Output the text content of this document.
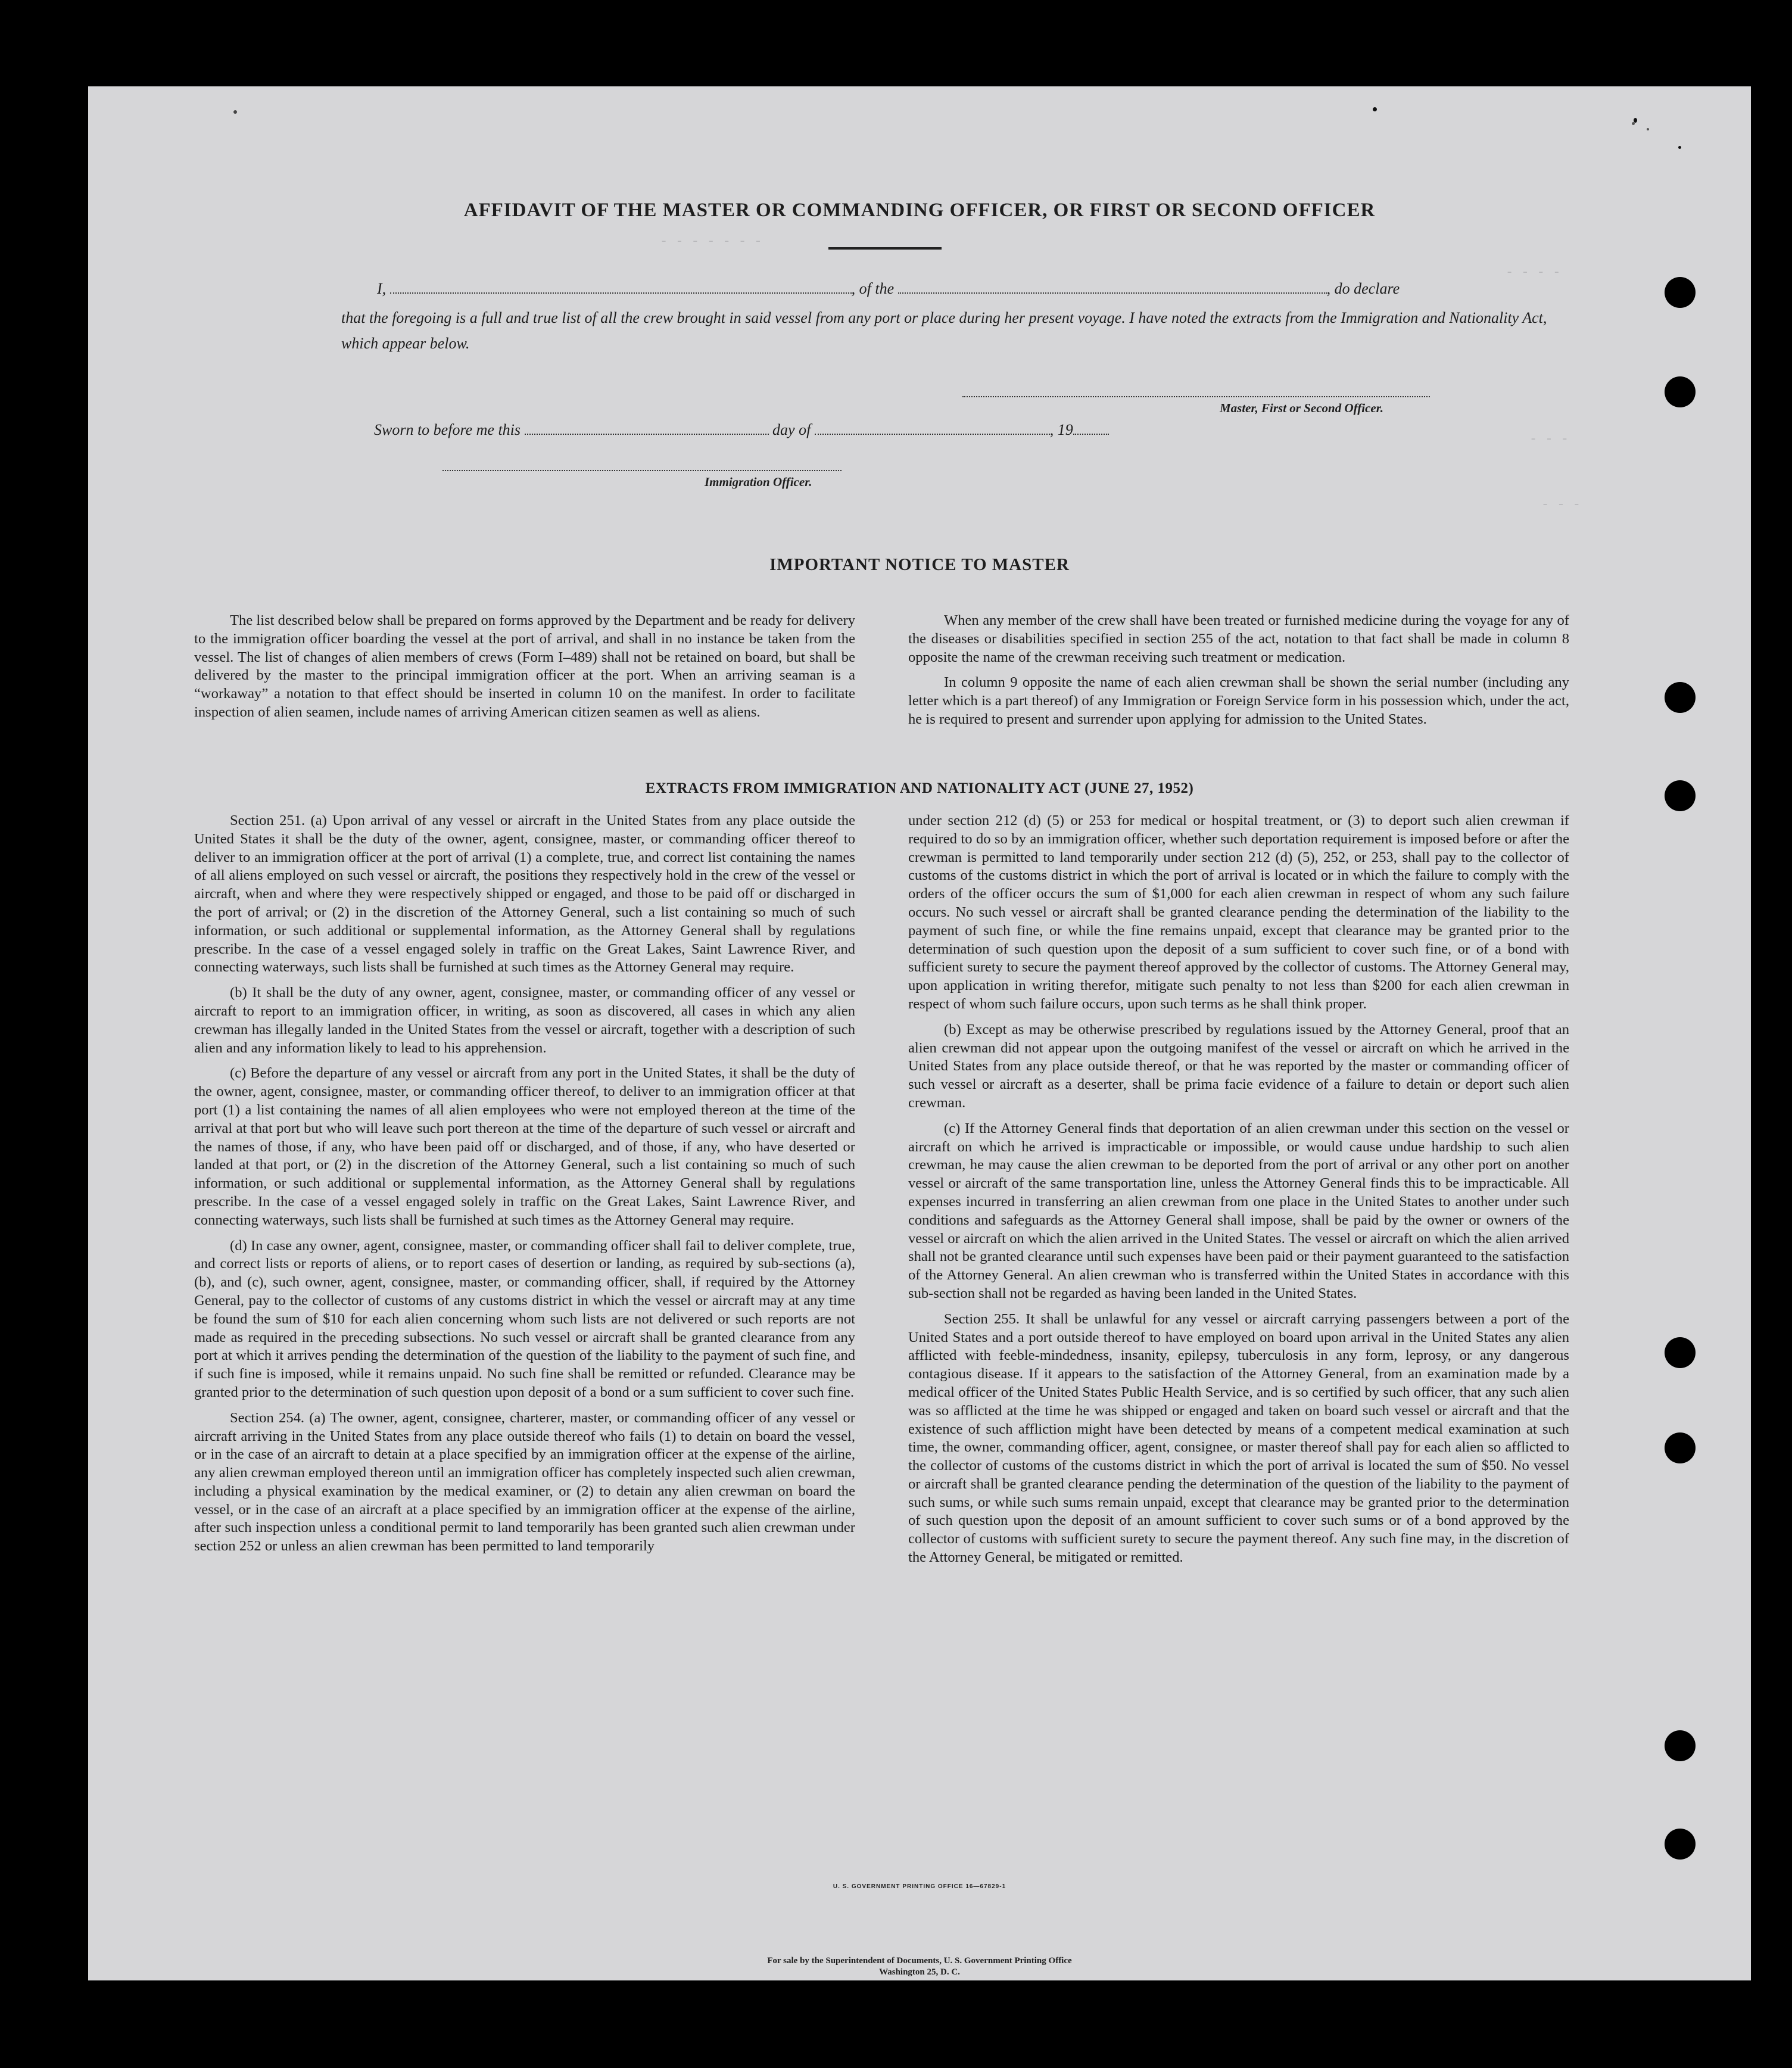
- - - -
- - -
- - -
- - - - - - -
AFFIDAVIT OF THE MASTER OR COMMANDING OFFICER, OR FIRST OR SECOND OFFICER
I,	, of the	, do declare
that the foregoing is a full and true list of all the crew brought in said vessel from any port or place during her present voyage. I have noted the extracts from the Immigration and Nationality Act, which appear below.
Master, First or Second Officer.
Sworn to before me this	day of	, 19
Immigration Officer.
IMPORTANT NOTICE TO MASTER

The list described below shall be prepared on forms approved by the Department and be ready for delivery to the immigration officer boarding the vessel at the port of arrival, and shall in no instance be taken from the vessel. The list of changes of alien members of crews (Form I–489) shall not be retained on board, but shall be delivered by the master to the principal immigration officer at the port. When an arriving seaman is a “workaway” a notation to that effect should be inserted in column 10 on the manifest. In order to facilitate inspection of alien seamen, include names of arriving American citizen seamen as well as aliens.

When any member of the crew shall have been treated or furnished medicine during the voyage for any of the diseases or disabilities specified in section 255 of the act, notation to that fact shall be made in column 8 opposite the name of the crewman receiving such treatment or medication.

In column 9 opposite the name of each alien crewman shall be shown the serial number (including any letter which is a part thereof) of any Immigration or Foreign Service form in his possession which, under the act, he is required to present and surrender upon applying for admission to the United States.

EXTRACTS FROM IMMIGRATION AND NATIONALITY ACT (JUNE 27, 1952)

Section 251. (a) Upon arrival of any vessel or aircraft in the United States from any place outside the United States it shall be the duty of the owner, agent, consignee, master, or commanding officer thereof to deliver to an immigration officer at the port of arrival (1) a complete, true, and correct list containing the names of all aliens employed on such vessel or aircraft, the positions they respectively hold in the crew of the vessel or aircraft, when and where they were respectively shipped or engaged, and those to be paid off or discharged in the port of arrival; or (2) in the discretion of the Attorney General, such a list containing so much of such information, or such additional or supplemental information, as the Attorney General shall by regulations prescribe. In the case of a vessel engaged solely in traffic on the Great Lakes, Saint Lawrence River, and connecting waterways, such lists shall be furnished at such times as the Attorney General may require.

(b) It shall be the duty of any owner, agent, consignee, master, or commanding officer of any vessel or aircraft to report to an immigration officer, in writing, as soon as discovered, all cases in which any alien crewman has illegally landed in the United States from the vessel or aircraft, together with a description of such alien and any information likely to lead to his apprehension.

(c) Before the departure of any vessel or aircraft from any port in the United States, it shall be the duty of the owner, agent, consignee, master, or commanding officer thereof, to deliver to an immigration officer at that port (1) a list containing the names of all alien employees who were not employed thereon at the time of the arrival at that port but who will leave such port thereon at the time of the departure of such vessel or aircraft and the names of those, if any, who have been paid off or discharged, and of those, if any, who have deserted or landed at that port, or (2) in the discretion of the Attorney General, such a list containing so much of such information, or such additional or supplemental information, as the Attorney General shall by regulations prescribe. In the case of a vessel engaged solely in traffic on the Great Lakes, Saint Lawrence River, and connecting waterways, such lists shall be furnished at such times as the Attorney General may require.

(d) In case any owner, agent, consignee, master, or commanding officer shall fail to deliver complete, true, and correct lists or reports of aliens, or to report cases of desertion or landing, as required by sub-sections (a), (b), and (c), such owner, agent, consignee, master, or commanding officer, shall, if required by the Attorney General, pay to the collector of customs of any customs district in which the vessel or aircraft may at any time be found the sum of $10 for each alien concerning whom such lists are not delivered or such reports are not made as required in the preceding subsections. No such vessel or aircraft shall be granted clearance from any port at which it arrives pending the determination of the question of the liability to the payment of such fine, and if such fine is imposed, while it remains unpaid. No such fine shall be remitted or refunded. Clearance may be granted prior to the determination of such question upon deposit of a bond or a sum sufficient to cover such fine.

Section 254. (a) The owner, agent, consignee, charterer, master, or commanding officer of any vessel or aircraft arriving in the United States from any place outside thereof who fails (1) to detain on board the vessel, or in the case of an aircraft to detain at a place specified by an immigration officer at the expense of the airline, any alien crewman employed thereon until an immigration officer has completely inspected such alien crewman, including a physical examination by the medical examiner, or (2) to detain any alien crewman on board the vessel, or in the case of an aircraft at a place specified by an immigration officer at the expense of the airline, after such inspection unless a conditional permit to land temporarily has been granted such alien crewman under section 252 or unless an alien crewman has been permitted to land temporarily

under section 212 (d) (5) or 253 for medical or hospital treatment, or (3) to deport such alien crewman if required to do so by an immigration officer, whether such deportation requirement is imposed before or after the crewman is permitted to land temporarily under section 212 (d) (5), 252, or 253, shall pay to the collector of customs of the customs district in which the port of arrival is located or in which the failure to comply with the orders of the officer occurs the sum of $1,000 for each alien crewman in respect of whom any such failure occurs. No such vessel or aircraft shall be granted clearance pending the determination of the liability to the payment of such fine, or while the fine remains unpaid, except that clearance may be granted prior to the determination of such question upon the deposit of a sum sufficient to cover such fine, or of a bond with sufficient surety to secure the payment thereof approved by the collector of customs. The Attorney General may, upon application in writing therefor, mitigate such penalty to not less than $200 for each alien crewman in respect of whom such failure occurs, upon such terms as he shall think proper.

(b) Except as may be otherwise prescribed by regulations issued by the Attorney General, proof that an alien crewman did not appear upon the outgoing manifest of the vessel or aircraft on which he arrived in the United States from any place outside thereof, or that he was reported by the master or commanding officer of such vessel or aircraft as a deserter, shall be prima facie evidence of a failure to detain or deport such alien crewman.

(c) If the Attorney General finds that deportation of an alien crewman under this section on the vessel or aircraft on which he arrived is impracticable or impossible, or would cause undue hardship to such alien crewman, he may cause the alien crewman to be deported from the port of arrival or any other port on another vessel or aircraft of the same transportation line, unless the Attorney General finds this to be impracticable. All expenses incurred in transferring an alien crewman from one place in the United States to another under such conditions and safeguards as the Attorney General shall impose, shall be paid by the owner or owners of the vessel or aircraft on which the alien arrived in the United States. The vessel or aircraft on which the alien arrived shall not be granted clearance until such expenses have been paid or their payment guaranteed to the satisfaction of the Attorney General. An alien crewman who is transferred within the United States in accordance with this sub-section shall not be regarded as having been landed in the United States.

Section 255. It shall be unlawful for any vessel or aircraft carrying passengers between a port of the United States and a port outside thereof to have employed on board upon arrival in the United States any alien afflicted with feeble-mindedness, insanity, epilepsy, tuberculosis in any form, leprosy, or any dangerous contagious disease. If it appears to the satisfaction of the Attorney General, from an examination made by a medical officer of the United States Public Health Service, and is so certified by such officer, that any such alien was so afflicted at the time he was shipped or engaged and taken on board such vessel or aircraft and that the existence of such affliction might have been detected by means of a competent medical examination at such time, the owner, commanding officer, agent, consignee, or master thereof shall pay for each alien so afflicted to the collector of customs of the customs district in which the port of arrival is located the sum of $50. No vessel or aircraft shall be granted clearance pending the determination of the question of the liability to the payment of such sums, or while such sums remain unpaid, except that clearance may be granted prior to the determination of such question upon the deposit of an amount sufficient to cover such sums or of a bond approved by the collector of customs with sufficient surety to secure the payment thereof. Any such fine may, in the discretion of the Attorney General, be mitigated or remitted.

U. S. GOVERNMENT PRINTING OFFICE 16—67829-1
For sale by the Superintendent of Documents, U. S. Government Printing Office
Washington 25, D. C.
